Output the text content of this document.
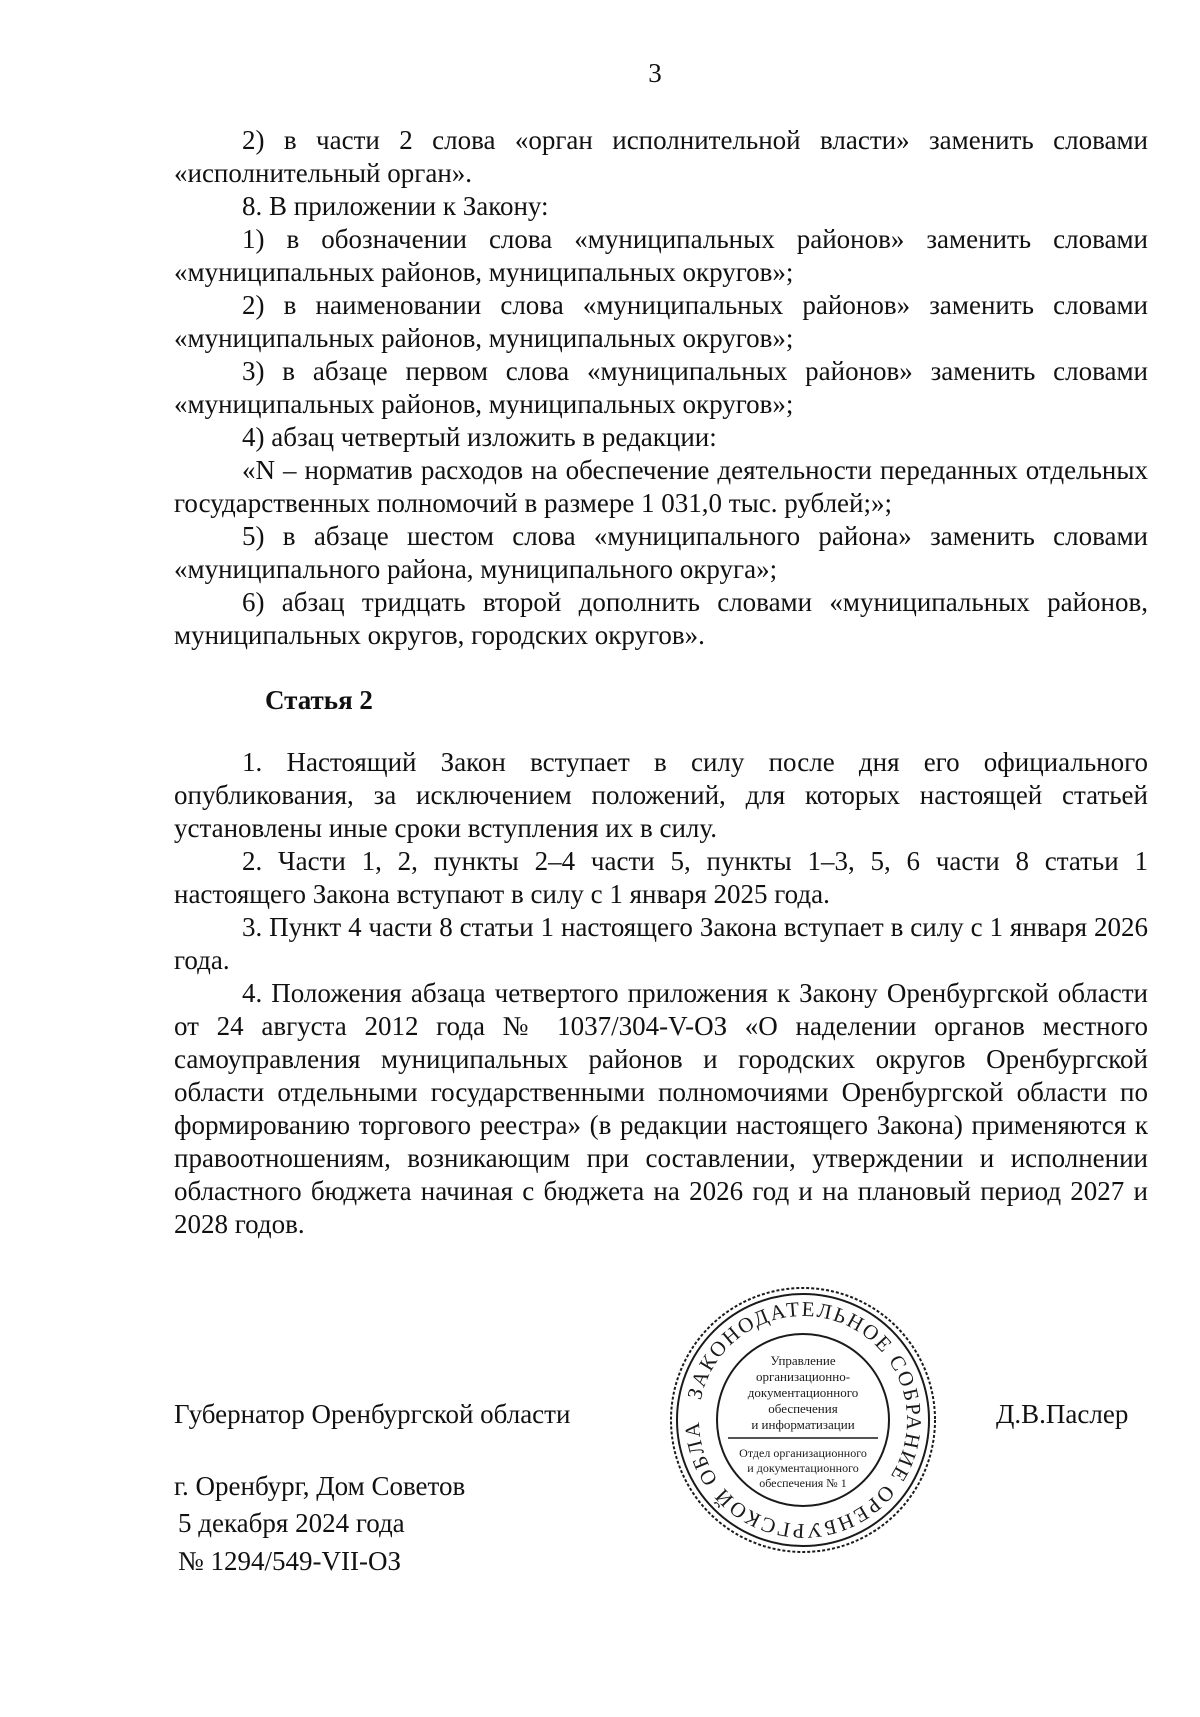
3

2) в части 2 слова «орган исполнительной власти» заменить словами «исполнительный орган».

8. В приложении к Закону:

1) в обозначении слова «муниципальных районов» заменить словами «муниципальных районов, муниципальных округов»;

2) в наименовании слова «муниципальных районов» заменить словами «муниципальных районов, муниципальных округов»;

3) в абзаце первом слова «муниципальных районов» заменить словами «муниципальных районов, муниципальных округов»;

4) абзац четвертый изложить в редакции:

«N – норматив расходов на обеспечение деятельности переданных отдельных государственных полномочий в размере 1 031,0 тыс. рублей;»;

5) в абзаце шестом слова «муниципального района» заменить словами «муниципального района, муниципального округа»;

6) абзац тридцать второй дополнить словами «муниципальных районов, муниципальных округов, городских округов».

Статья 2

1. Настоящий Закон вступает в силу после дня его официального опубликования, за исключением положений, для которых настоящей статьей установлены иные сроки вступления их в силу.

2. Части 1, 2, пункты 2–4 части 5, пункты 1–3, 5, 6 части 8 статьи 1 настоящего Закона вступают в силу с 1 января 2025 года.

3. Пункт 4 части 8 статьи 1 настоящего Закона вступает в силу с 1 января 2026 года.

4. Положения абзаца четвертого приложения к Закону Оренбургской области от 24 августа 2012 года № 1037/304-V-ОЗ «О наделении органов местного самоуправления муниципальных районов и городских округов Оренбургской области отдельными государственными полномочиями Оренбургской области по формированию торгового реестра» (в редакции настоящего Закона) применяются к правоотношениям, возникающим при составлении, утверждении и исполнении областного бюджета начиная с бюджета на 2026 год и на плановый период 2027 и 2028 годов.

Губернатор Оренбургской области	Д.В.Паслер
г. Оренбург, Дом Советов
5 декабря 2024 года
№ 1294/549-VII-ОЗ
ЗАКОНОДАТЕЛЬНОЕ СОБРАНИЕ ОРЕНБУРГСКОЙ ОБЛА
Управление
организационно-
документационного
обеспечения
и информатизации
Отдел организационного
и документационного
обеспечения № 1
